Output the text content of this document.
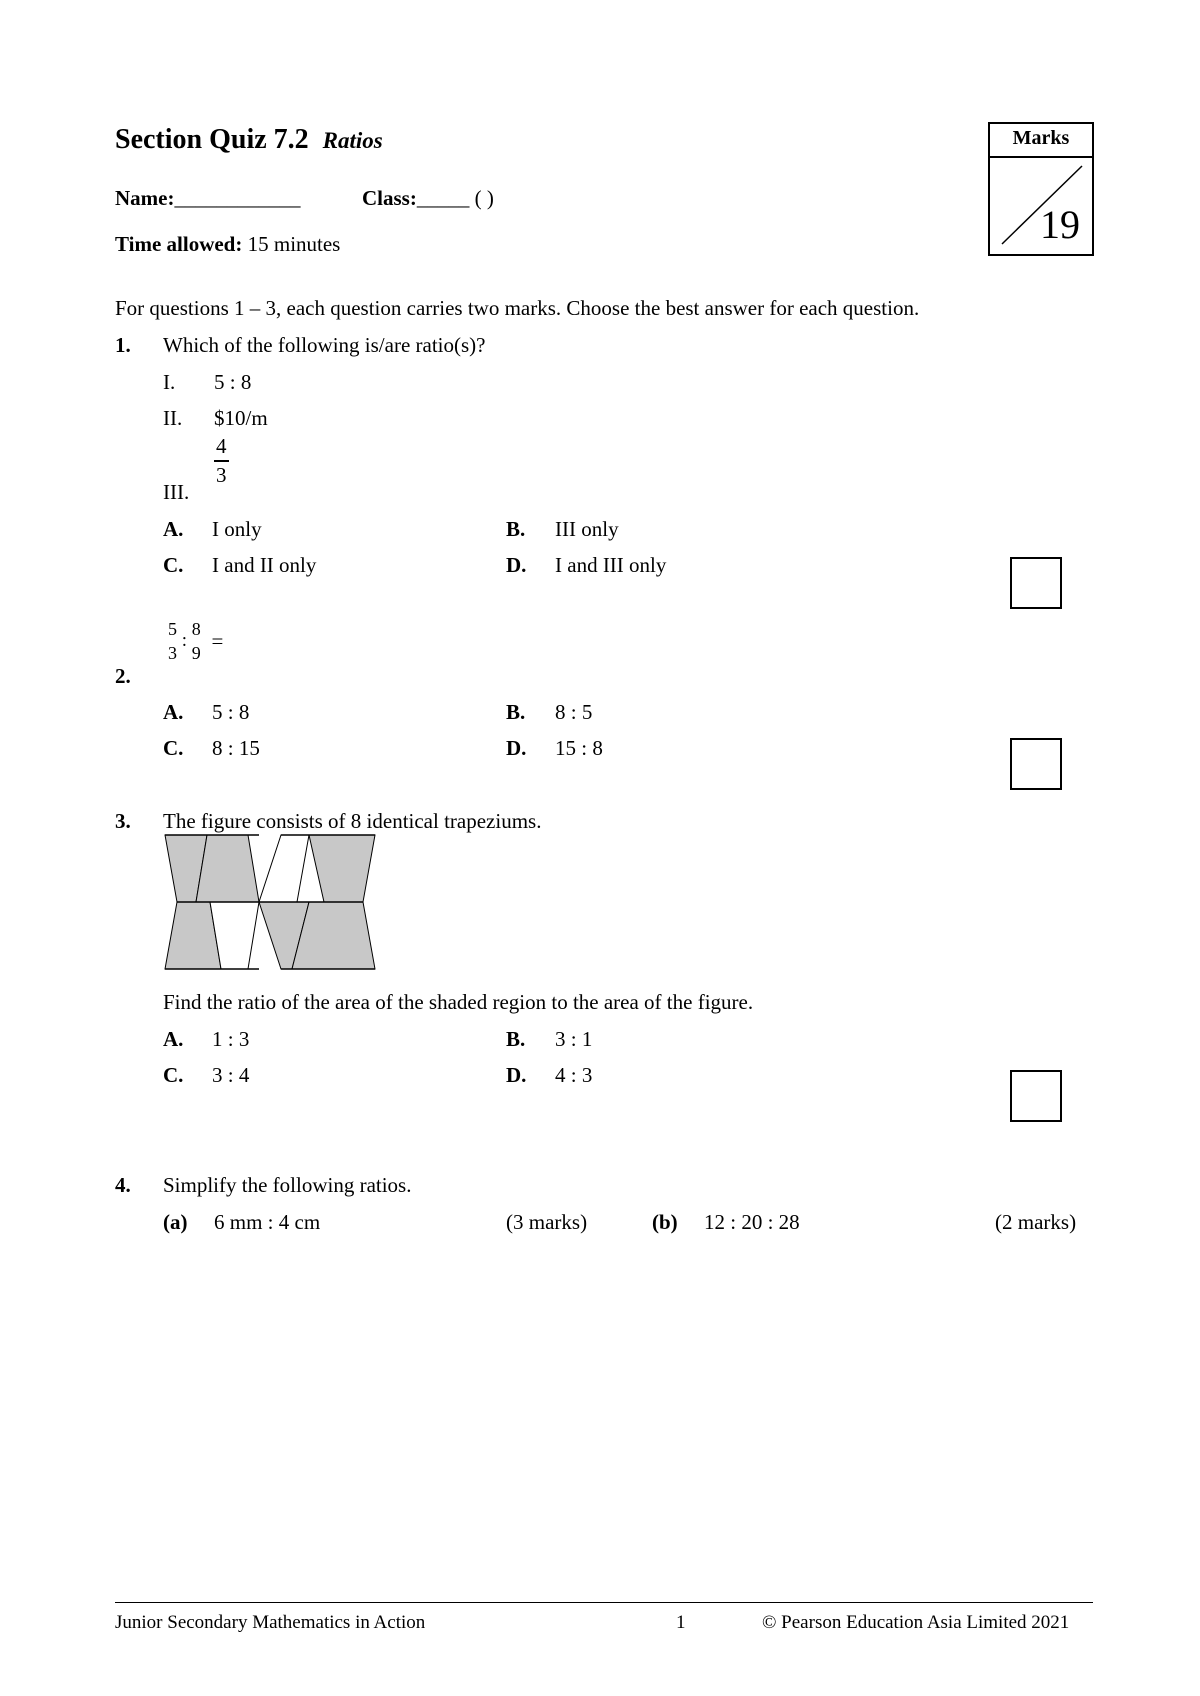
Section Quiz 7.2 Ratios
Name:____________	Class:_____ ( )
Time allowed: 15 minutes
Marks
19
For questions 1 – 3, each question carries two marks. Choose the best answer for each question.
1. Which of the following is/are ratio(s)?
I. 5 : 8
II. $10/m
III.
$\frac{4}{3}$
A. I only	B. III only
C. I and II only	D. I and III only
2.
5
3
:
8
9
=
A. 5 : 8	B. 8 : 5
C. 8 : 15	D. 15 : 8
3. The figure consists of 8 identical trapeziums.
Find the ratio of the area of the shaded region to the area of the figure.
A. 1 : 3	B. 3 : 1
C. 3 : 4	D. 4 : 3
4. Simplify the following ratios.
(a) 6 mm : 4 cm	(3 marks)	(b) 12 : 20 : 28	(2 marks)
Junior Secondary Mathematics in Action	1	© Pearson Education Asia Limited 2021
